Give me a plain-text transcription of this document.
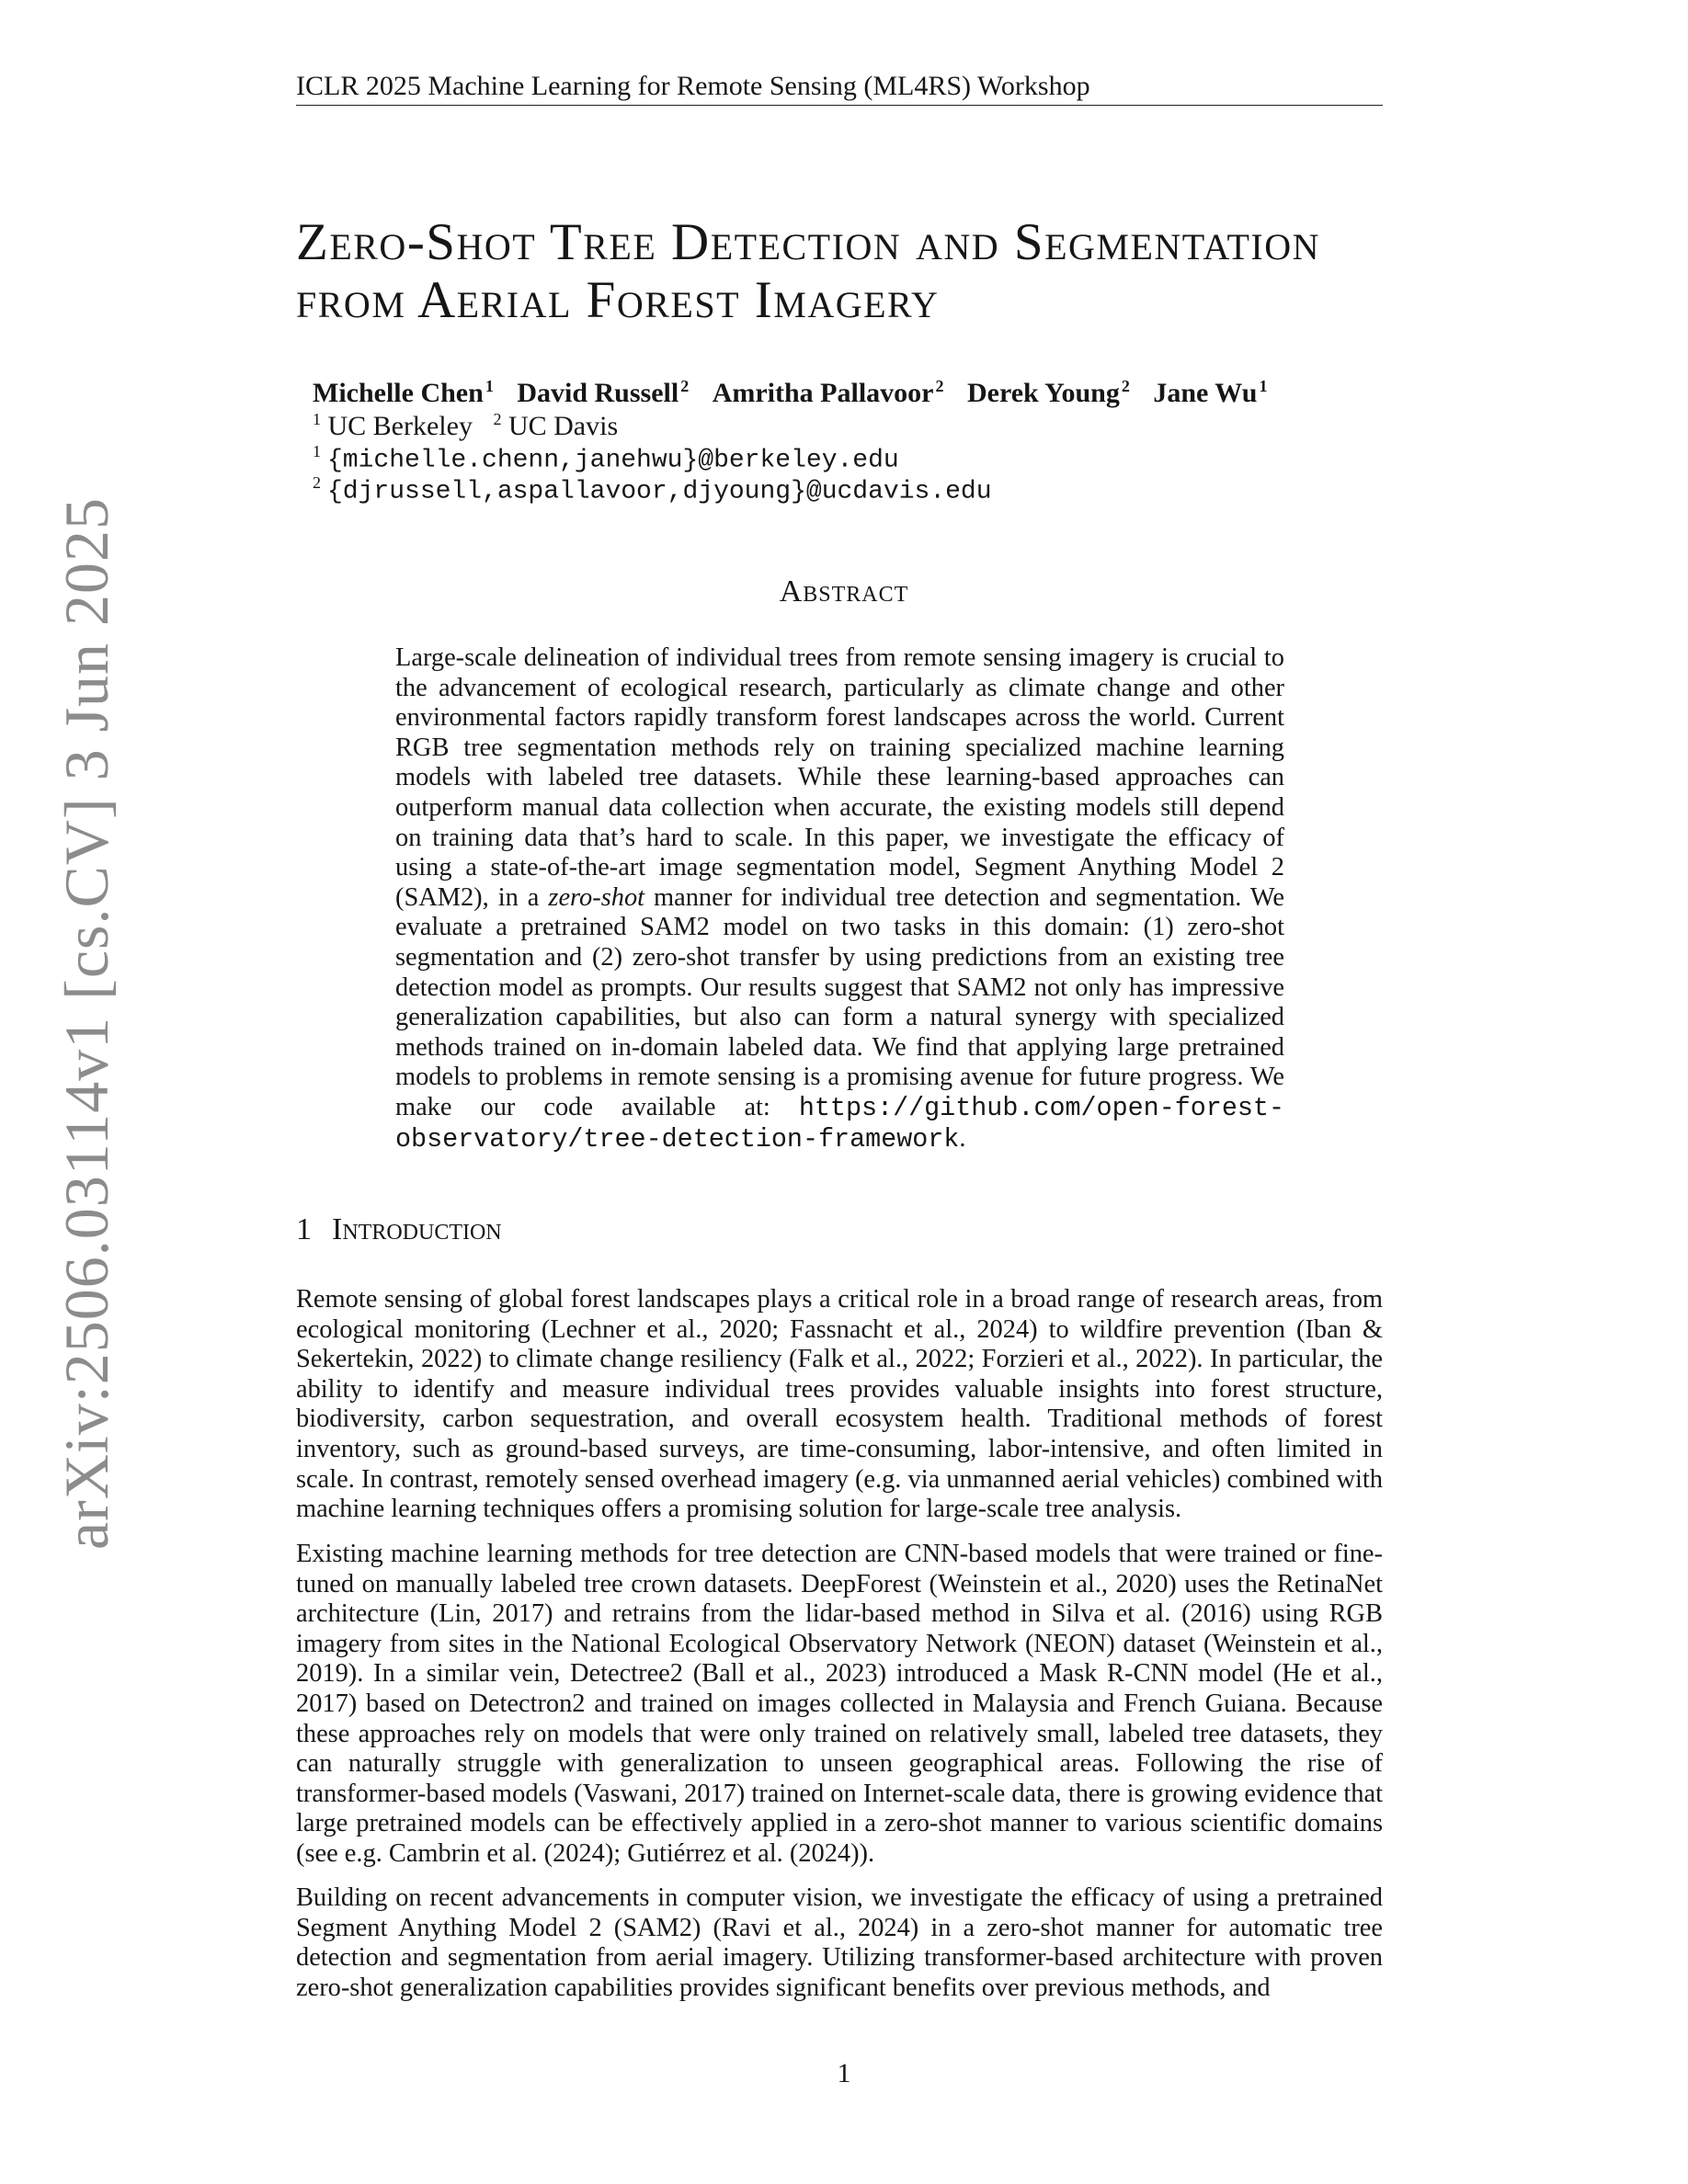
ICLR 2025 Machine Learning for Remote Sensing (ML4RS) Workshop
arXiv:2506.03114v1 [cs.CV] 3 Jun 2025
Zero-Shot Tree Detection and Segmentation
from Aerial Forest Imagery
Michelle Chen $^1$ David Russell $^2$ Amritha Pallavoor $^2$ Derek Young $^2$ Jane Wu $^1$
$^1$ UC Berkeley $^2$ UC Davis
$^1$ {michelle.chenn,janehwu}@berkeley.edu
$^2$ {djrussell,aspallavoor,djyoung}@ucdavis.edu
Abstract

Large-scale delineation of individual trees from remote sensing imagery is crucial to the advancement of ecological research, particularly as climate change and other environmental factors rapidly transform forest landscapes across the world. Current RGB tree segmentation methods rely on training specialized machine learning models with labeled tree datasets. While these learning-based approaches can outperform manual data collection when accurate, the existing models still depend on training data that’s hard to scale. In this paper, we investigate the efficacy of using a state-of-the-art image segmentation model, Segment Anything Model 2 (SAM2), in a zero-shot manner for individual tree detection and segmentation. We evaluate a pretrained SAM2 model on two tasks in this domain: (1) zero-shot segmentation and (2) zero-shot transfer by using predictions from an existing tree detection model as prompts. Our results suggest that SAM2 not only has impressive generalization capabilities, but also can form a natural synergy with specialized methods trained on in-domain labeled data. We find that applying large pretrained models to problems in remote sensing is a promising avenue for future progress. We make our code available at: https://github.com/open-forest-observatory/tree-detection-framework.

1 Introduction

Remote sensing of global forest landscapes plays a critical role in a broad range of research areas, from ecological monitoring (Lechner et al., 2020; Fassnacht et al., 2024) to wildfire prevention (Iban & Sekertekin, 2022) to climate change resiliency (Falk et al., 2022; Forzieri et al., 2022). In particular, the ability to identify and measure individual trees provides valuable insights into forest structure, biodiversity, carbon sequestration, and overall ecosystem health. Traditional methods of forest inventory, such as ground-based surveys, are time-consuming, labor-intensive, and often limited in scale. In contrast, remotely sensed overhead imagery (e.g. via unmanned aerial vehicles) combined with machine learning techniques offers a promising solution for large-scale tree analysis.

Existing machine learning methods for tree detection are CNN-based models that were trained or fine-tuned on manually labeled tree crown datasets. DeepForest (Weinstein et al., 2020) uses the RetinaNet architecture (Lin, 2017) and retrains from the lidar-based method in Silva et al. (2016) using RGB imagery from sites in the National Ecological Observatory Network (NEON) dataset (Weinstein et al., 2019). In a similar vein, Detectree2 (Ball et al., 2023) introduced a Mask R-CNN model (He et al., 2017) based on Detectron2 and trained on images collected in Malaysia and French Guiana. Because these approaches rely on models that were only trained on relatively small, labeled tree datasets, they can naturally struggle with generalization to unseen geographical areas. Following the rise of transformer-based models (Vaswani, 2017) trained on Internet-scale data, there is growing evidence that large pretrained models can be effectively applied in a zero-shot manner to various scientific domains (see e.g. Cambrin et al. (2024); Gutiérrez et al. (2024)).

Building on recent advancements in computer vision, we investigate the efficacy of using a pretrained Segment Anything Model 2 (SAM2) (Ravi et al., 2024) in a zero-shot manner for automatic tree detection and segmentation from aerial imagery. Utilizing transformer-based architecture with proven zero-shot generalization capabilities provides significant benefits over previous methods, and

1
